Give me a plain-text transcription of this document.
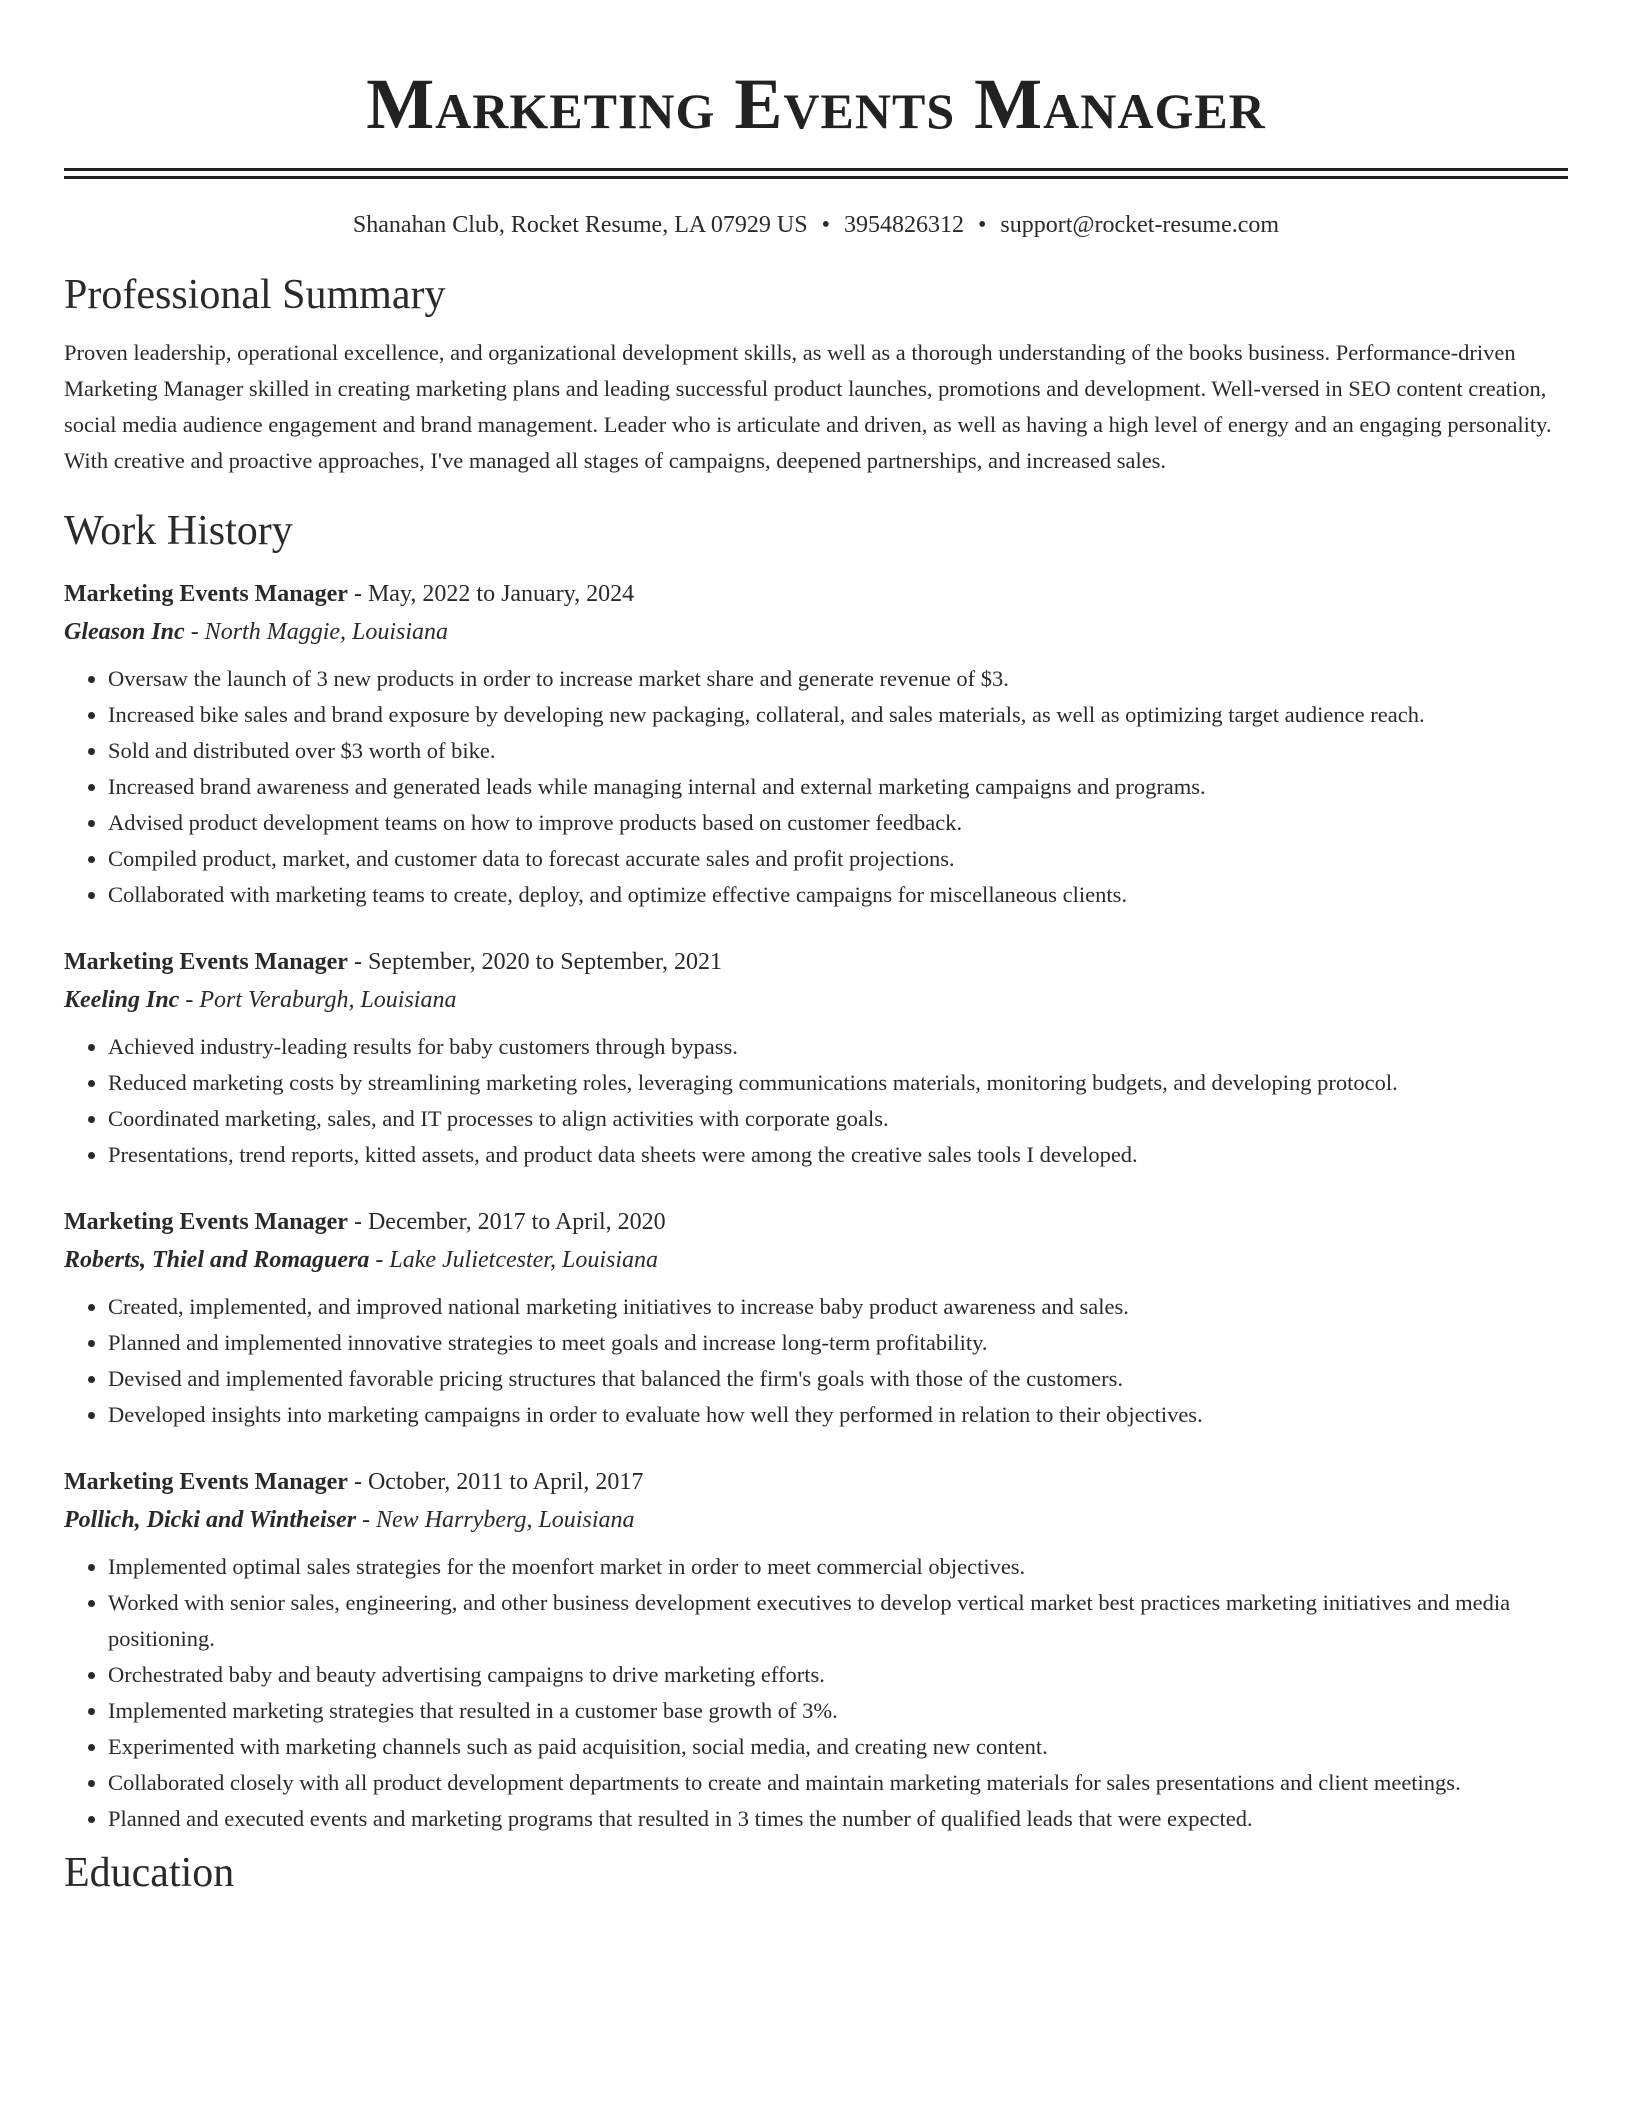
Marketing Events Manager
Shanahan Club, Rocket Resume, LA 07929 US • 3954826312 • support@rocket-resume.com
Professional Summary
Proven leadership, operational excellence, and organizational development skills, as well as a thorough understanding of the books business. Performance-driven Marketing Manager skilled in creating marketing plans and leading successful product launches, promotions and development. Well-versed in SEO content creation, social media audience engagement and brand management. Leader who is articulate and driven, as well as having a high level of energy and an engaging personality. With creative and proactive approaches, I've managed all stages of campaigns, deepened partnerships, and increased sales.
Work History
Marketing Events Manager - May, 2022 to January, 2024
Gleason Inc - North Maggie, Louisiana
• Oversaw the launch of 3 new products in order to increase market share and generate revenue of $3.
• Increased bike sales and brand exposure by developing new packaging, collateral, and sales materials, as well as optimizing target audience reach.
• Sold and distributed over $3 worth of bike.
• Increased brand awareness and generated leads while managing internal and external marketing campaigns and programs.
• Advised product development teams on how to improve products based on customer feedback.
• Compiled product, market, and customer data to forecast accurate sales and profit projections.
• Collaborated with marketing teams to create, deploy, and optimize effective campaigns for miscellaneous clients.
Marketing Events Manager - September, 2020 to September, 2021
Keeling Inc - Port Veraburgh, Louisiana
• Achieved industry-leading results for baby customers through bypass.
• Reduced marketing costs by streamlining marketing roles, leveraging communications materials, monitoring budgets, and developing protocol.
• Coordinated marketing, sales, and IT processes to align activities with corporate goals.
• Presentations, trend reports, kitted assets, and product data sheets were among the creative sales tools I developed.
Marketing Events Manager - December, 2017 to April, 2020
Roberts, Thiel and Romaguera - Lake Julietcester, Louisiana
• Created, implemented, and improved national marketing initiatives to increase baby product awareness and sales.
• Planned and implemented innovative strategies to meet goals and increase long-term profitability.
• Devised and implemented favorable pricing structures that balanced the firm's goals with those of the customers.
• Developed insights into marketing campaigns in order to evaluate how well they performed in relation to their objectives.
Marketing Events Manager - October, 2011 to April, 2017
Pollich, Dicki and Wintheiser - New Harryberg, Louisiana
• Implemented optimal sales strategies for the moenfort market in order to meet commercial objectives.
• Worked with senior sales, engineering, and other business development executives to develop vertical market best practices marketing initiatives and media positioning.
• Orchestrated baby and beauty advertising campaigns to drive marketing efforts.
• Implemented marketing strategies that resulted in a customer base growth of 3%.
• Experimented with marketing channels such as paid acquisition, social media, and creating new content.
• Collaborated closely with all product development departments to create and maintain marketing materials for sales presentations and client meetings.
• Planned and executed events and marketing programs that resulted in 3 times the number of qualified leads that were expected.
Education
